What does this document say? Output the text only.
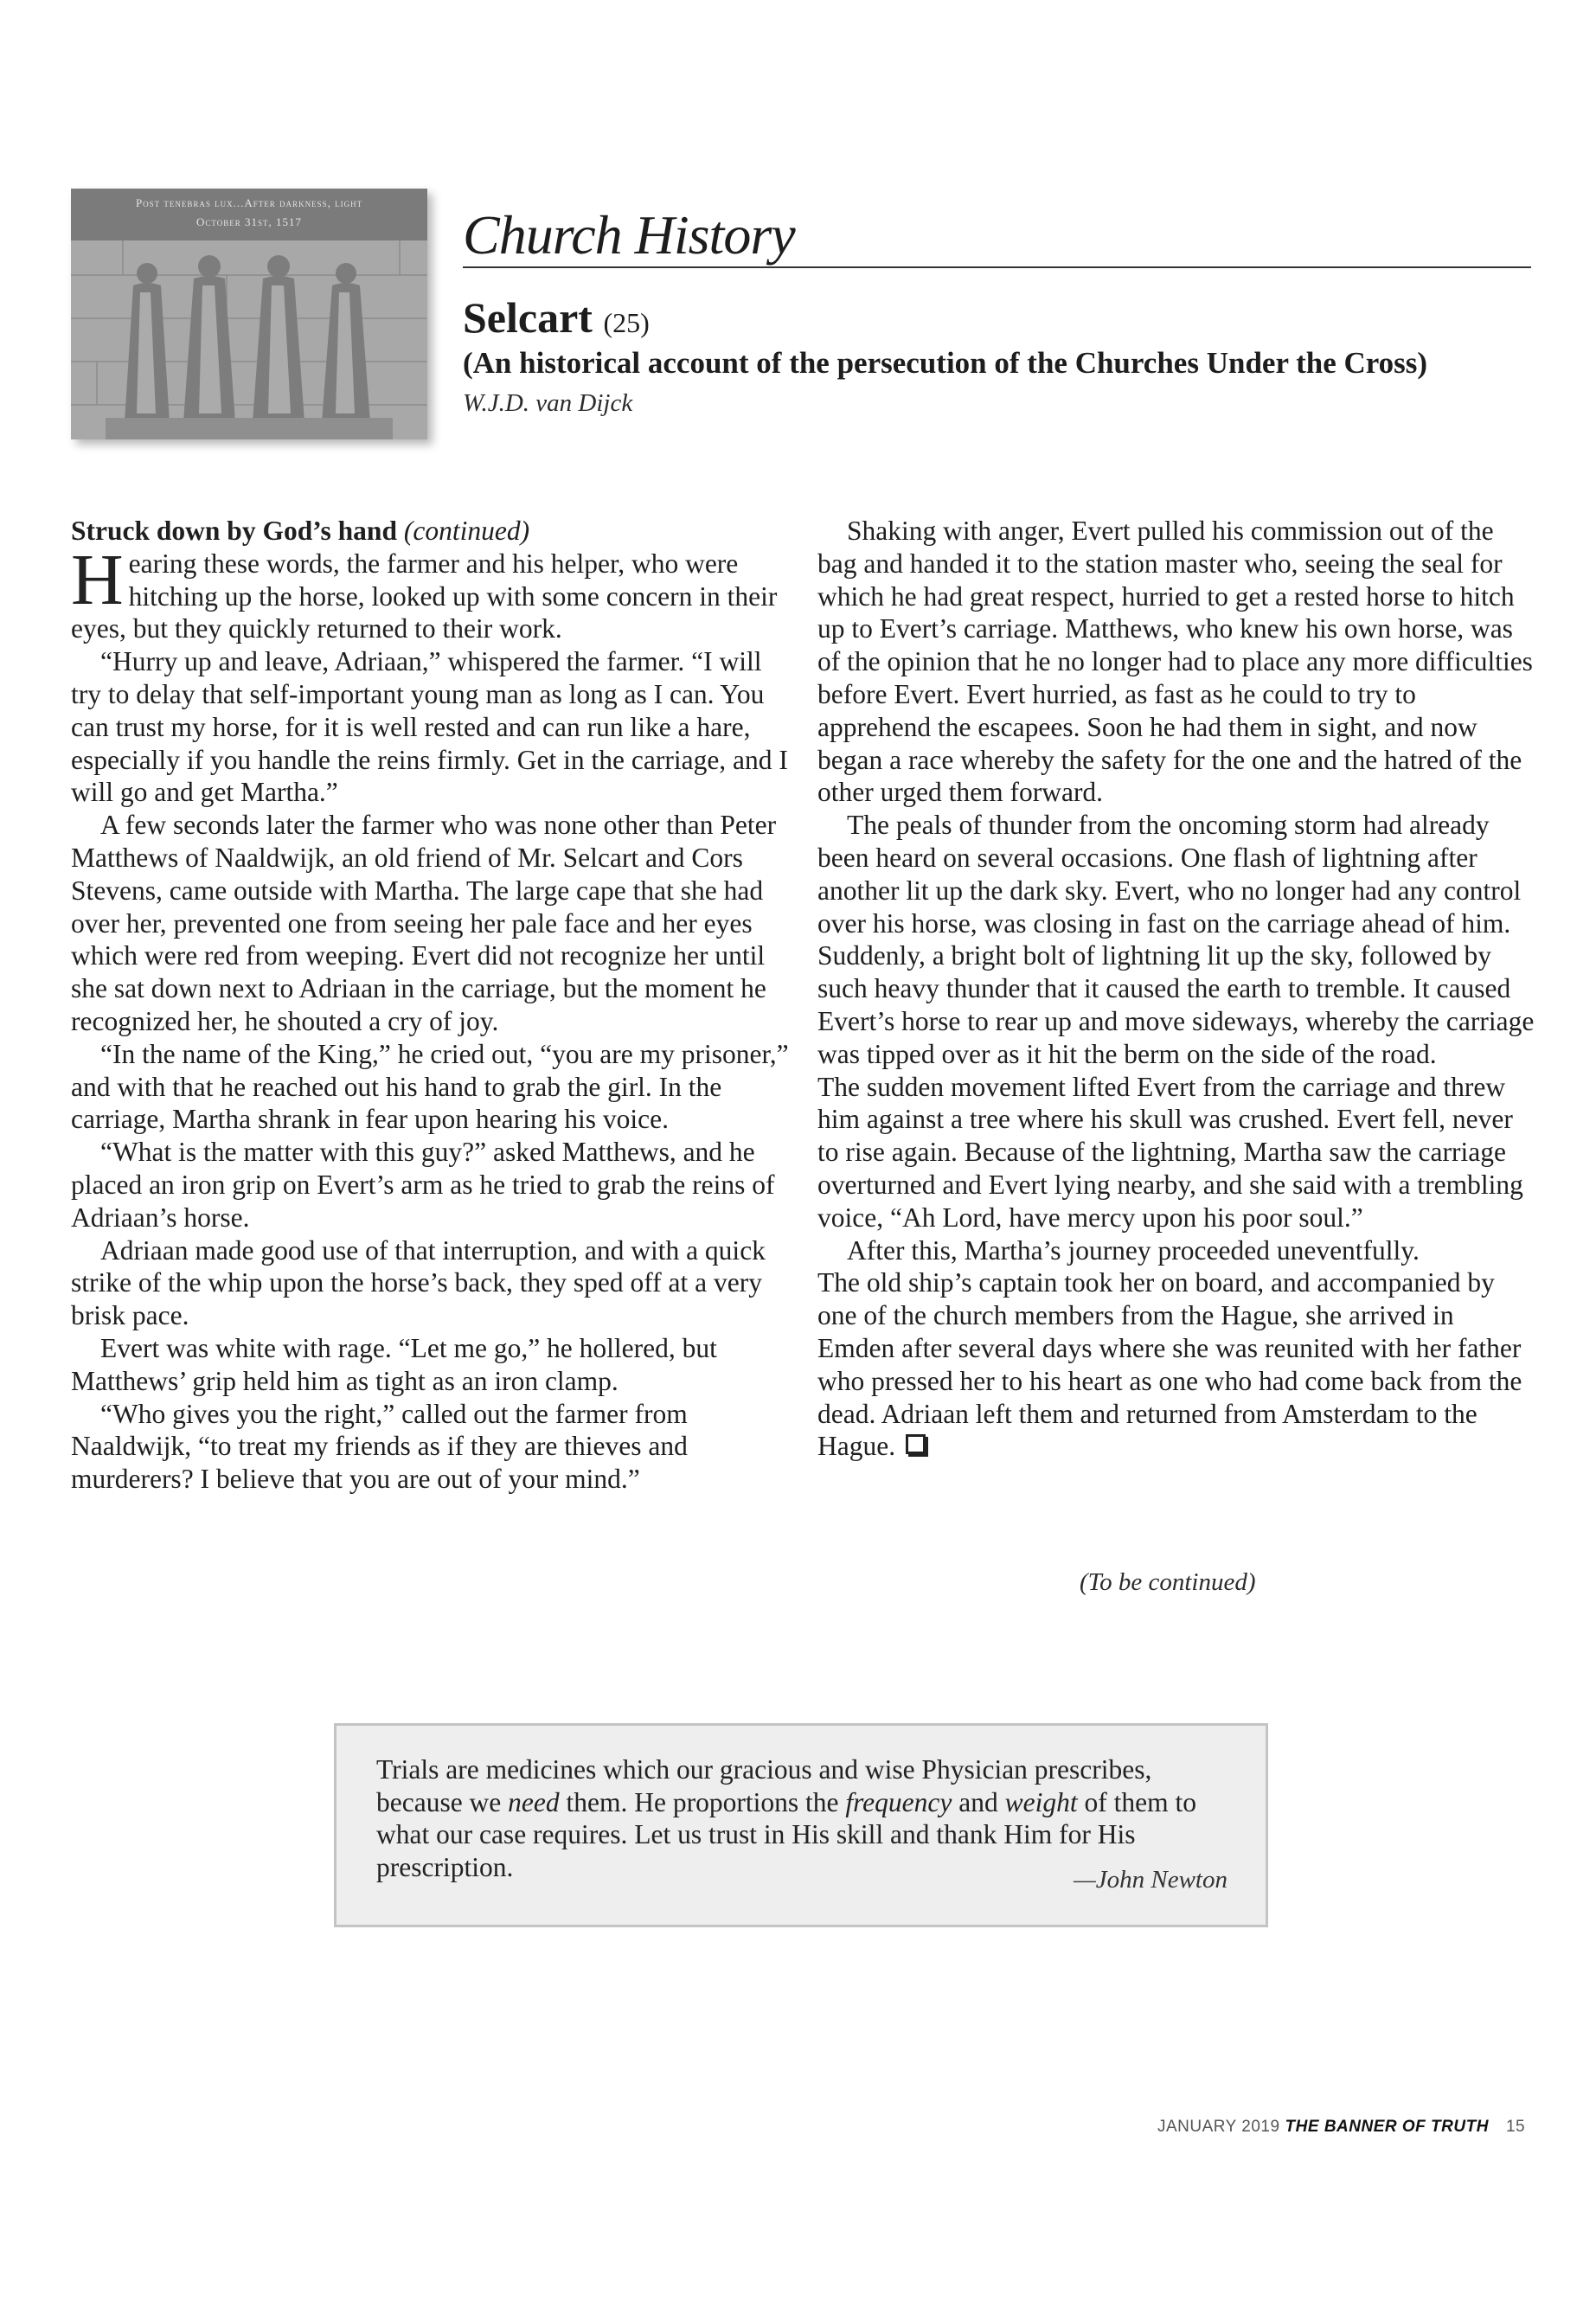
Post tenebras lux...After darkness, light
October 31st, 1517	Church History
Selcart (25)
(An historical account of the persecution of the Churches Under the Cross)
W.J.D. van Dijck

Struck down by God’s hand (continued)

Hearing these words, the farmer and his helper, who were hitching up the horse, looked up with some concern in their eyes, but they quickly returned to their work.

“Hurry up and leave, Adriaan,” whispered the farmer. “I will try to delay that self-important young man as long as I can. You can trust my horse, for it is well rested and can run like a hare, especially if you handle the reins firmly. Get in the carriage, and I will go and get Martha.”

A few seconds later the farmer who was none other than Peter Matthews of Naaldwijk, an old friend of Mr. Selcart and Cors Stevens, came outside with Martha. The large cape that she had over her, prevented one from seeing her pale face and her eyes which were red from weeping. Evert did not recognize her until she sat down next to Adriaan in the carriage, but the moment he recognized her, he shouted a cry of joy.

“In the name of the King,” he cried out, “you are my prisoner,” and with that he reached out his hand to grab the girl. In the carriage, Martha shrank in fear upon hearing his voice.

“What is the matter with this guy?” asked Matthews, and he placed an iron grip on Evert’s arm as he tried to grab the reins of Adriaan’s horse.

Adriaan made good use of that interruption, and with a quick strike of the whip upon the horse’s back, they sped off at a very brisk pace.

Evert was white with rage. “Let me go,” he hollered, but Matthews’ grip held him as tight as an iron clamp.

“Who gives you the right,” called out the farmer from Naaldwijk, “to treat my friends as if they are thieves and murderers? I believe that you are out of your mind.”

Shaking with anger, Evert pulled his commission out of the bag and handed it to the station master who, seeing the seal for which he had great respect, hurried to get a rested horse to hitch up to Evert’s carriage. Matthews, who knew his own horse, was of the opinion that he no longer had to place any more difficulties before Evert. Evert hurried, as fast as he could to try to apprehend the escapees. Soon he had them in sight, and now began a race whereby the safety for the one and the hatred of the other urged them forward.

The peals of thunder from the oncoming storm had already been heard on several occasions. One flash of lightning after another lit up the dark sky. Evert, who no longer had any control over his horse, was closing in fast on the carriage ahead of him. Suddenly, a bright bolt of lightning lit up the sky, followed by such heavy thunder that it caused the earth to tremble. It caused Evert’s horse to rear up and move sideways, whereby the carriage was tipped over as it hit the berm on the side of the road.

The sudden movement lifted Evert from the carriage and threw him against a tree where his skull was crushed. Evert fell, never to rise again. Because of the lightning, Martha saw the carriage overturned and Evert lying nearby, and she said with a trembling voice, “Ah Lord, have mercy upon his poor soul.”

After this, Martha’s journey proceeded uneventfully.

The old ship’s captain took her on board, and accompanied by one of the church members from the Hague, she arrived in Emden after several days where she was reunited with her father who pressed her to his heart as one who had come back from the dead. Adriaan left them and returned from Amsterdam to the Hague.

(To be continued)
Trials are medicines which our gracious and wise Physician prescribes, because we need them. He proportions the frequency and weight of them to what our case requires. Let us trust in His skill and thank Him for His prescription.	—John Newton
JANUARY 2019 THE BANNER OF TRUTH 15
